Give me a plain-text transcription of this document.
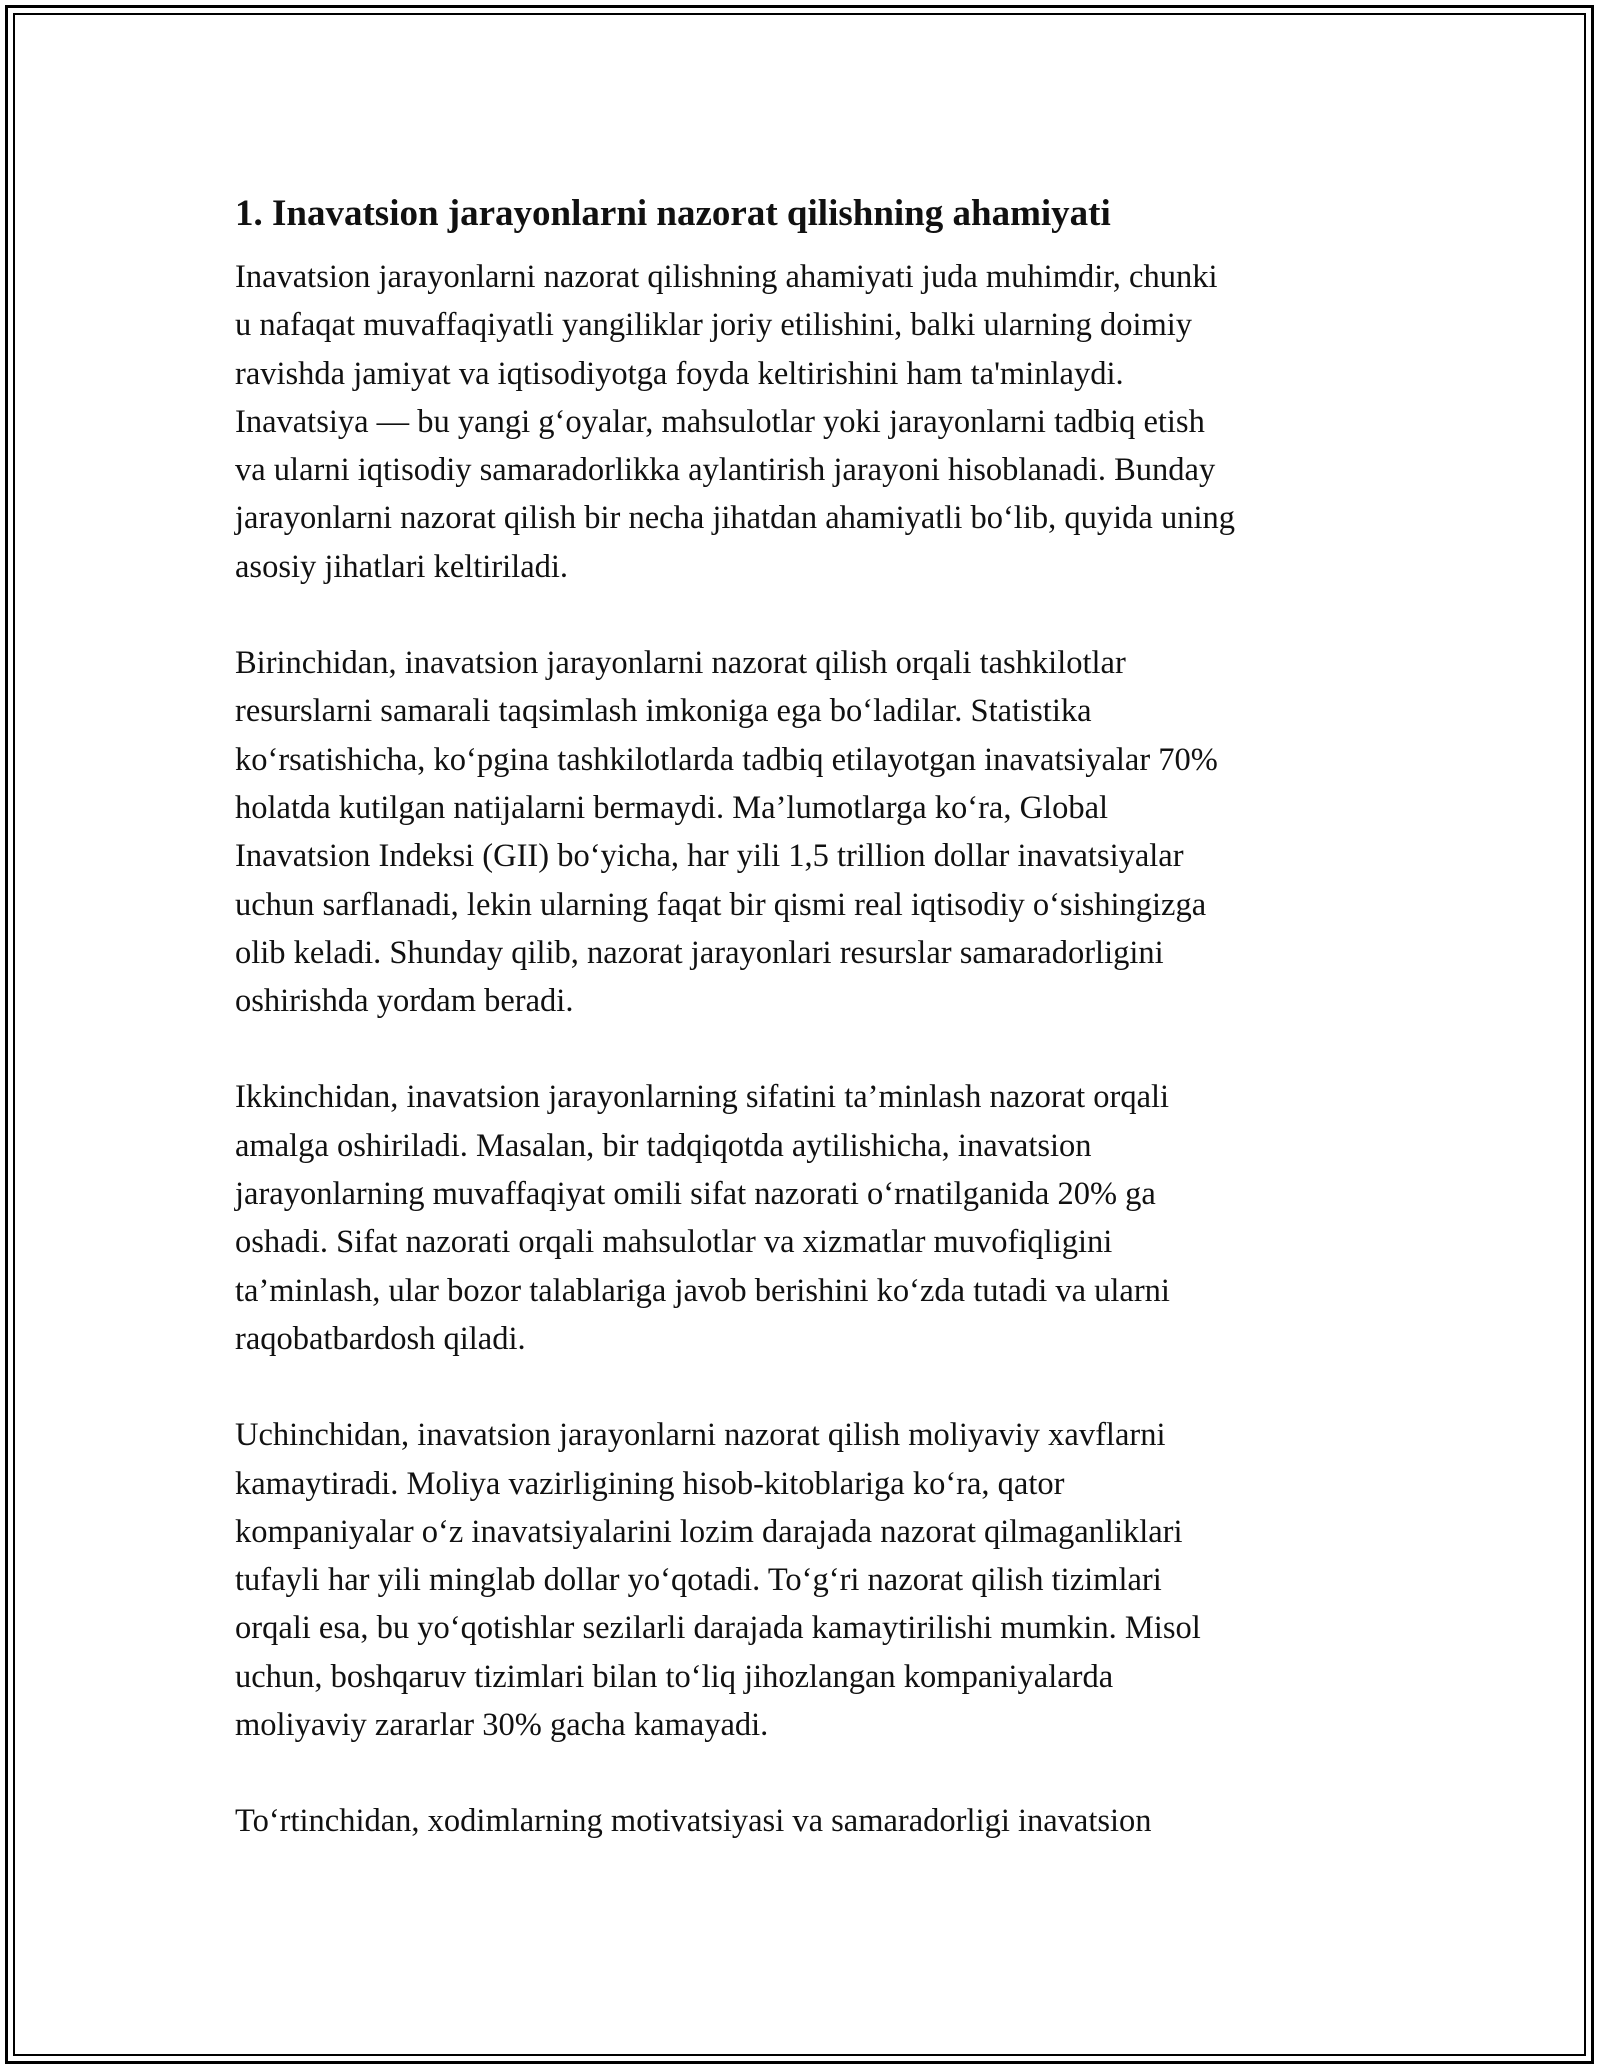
1. Inavatsion jarayonlarni nazorat qilishning ahamiyati

Inavatsion jarayonlarni nazorat qilishning ahamiyati juda muhimdir, chunki
u nafaqat muvaffaqiyatli yangiliklar joriy etilishini, balki ularning doimiy
ravishda jamiyat va iqtisodiyotga foyda keltirishini ham ta'minlaydi.
Inavatsiya — bu yangi g‘oyalar, mahsulotlar yoki jarayonlarni tadbiq etish
va ularni iqtisodiy samaradorlikka aylantirish jarayoni hisoblanadi. Bunday
jarayonlarni nazorat qilish bir necha jihatdan ahamiyatli bo‘lib, quyida uning
asosiy jihatlari keltiriladi.

Birinchidan, inavatsion jarayonlarni nazorat qilish orqali tashkilotlar
resurslarni samarali taqsimlash imkoniga ega bo‘ladilar. Statistika
ko‘rsatishicha, ko‘pgina tashkilotlarda tadbiq etilayotgan inavatsiyalar 70%
holatda kutilgan natijalarni bermaydi. Ma’lumotlarga ko‘ra, Global
Inavatsion Indeksi (GII) bo‘yicha, har yili 1,5 trillion dollar inavatsiyalar
uchun sarflanadi, lekin ularning faqat bir qismi real iqtisodiy o‘sishingizga
olib keladi. Shunday qilib, nazorat jarayonlari resurslar samaradorligini
oshirishda yordam beradi.

Ikkinchidan, inavatsion jarayonlarning sifatini ta’minlash nazorat orqali
amalga oshiriladi. Masalan, bir tadqiqotda aytilishicha, inavatsion
jarayonlarning muvaffaqiyat omili sifat nazorati o‘rnatilganida 20% ga
oshadi. Sifat nazorati orqali mahsulotlar va xizmatlar muvofiqligini
ta’minlash, ular bozor talablariga javob berishini ko‘zda tutadi va ularni
raqobatbardosh qiladi.

Uchinchidan, inavatsion jarayonlarni nazorat qilish moliyaviy xavflarni
kamaytiradi. Moliya vazirligining hisob-kitoblariga ko‘ra, qator
kompaniyalar o‘z inavatsiyalarini lozim darajada nazorat qilmaganliklari
tufayli har yili minglab dollar yo‘qotadi. To‘g‘ri nazorat qilish tizimlari
orqali esa, bu yo‘qotishlar sezilarli darajada kamaytirilishi mumkin. Misol
uchun, boshqaruv tizimlari bilan to‘liq jihozlangan kompaniyalarda
moliyaviy zararlar 30% gacha kamayadi.

To‘rtinchidan, xodimlarning motivatsiyasi va samaradorligi inavatsion
